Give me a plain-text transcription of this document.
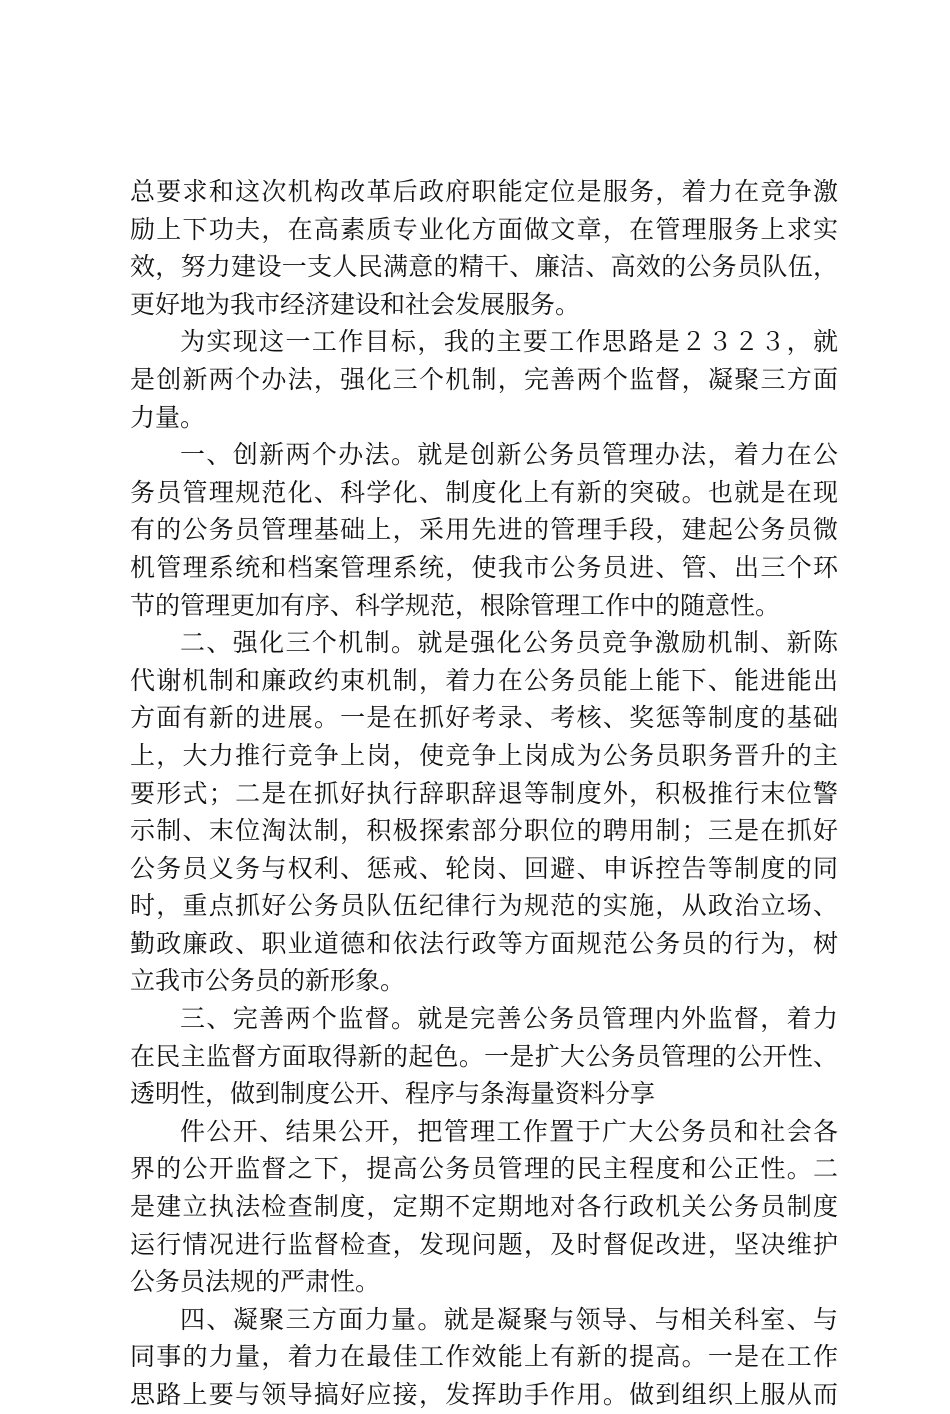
总要求和这次机构改革后政府职能定位是服务，着力在竞争激
励上下功夫，在高素质专业化方面做文章，在管理服务上求实
效，努力建设一支人民满意的精干、廉洁、高效的公务员队伍，
更好地为我市经济建设和社会发展服务。
为实现这一工作目标，我的主要工作思路是２３２３，就
是创新两个办法，强化三个机制，完善两个监督，凝聚三方面
力量。
一、创新两个办法。就是创新公务员管理办法，着力在公
务员管理规范化、科学化、制度化上有新的突破。也就是在现
有的公务员管理基础上，采用先进的管理手段，建起公务员微
机管理系统和档案管理系统，使我市公务员进、管、出三个环
节的管理更加有序、科学规范，根除管理工作中的随意性。
二、强化三个机制。就是强化公务员竞争激励机制、新陈
代谢机制和廉政约束机制，着力在公务员能上能下、能进能出
方面有新的进展。一是在抓好考录、考核、奖惩等制度的基础
上，大力推行竞争上岗，使竞争上岗成为公务员职务晋升的主
要形式；二是在抓好执行辞职辞退等制度外，积极推行末位警
示制、末位淘汰制，积极探索部分职位的聘用制；三是在抓好
公务员义务与权利、惩戒、轮岗、回避、申诉控告等制度的同
时，重点抓好公务员队伍纪律行为规范的实施，从政治立场、
勤政廉政、职业道德和依法行政等方面规范公务员的行为，树
立我市公务员的新形象。
三、完善两个监督。就是完善公务员管理内外监督，着力
在民主监督方面取得新的起色。一是扩大公务员管理的公开性、
透明性，做到制度公开、程序与条海量资料分享
件公开、结果公开，把管理工作置于广大公务员和社会各
界的公开监督之下，提高公务员管理的民主程度和公正性。二
是建立执法检查制度，定期不定期地对各行政机关公务员制度
运行情况进行监督检查，发现问题，及时督促改进，坚决维护
公务员法规的严肃性。
四、凝聚三方面力量。就是凝聚与领导、与相关科室、与
同事的力量，着力在最佳工作效能上有新的提高。一是在工作
思路上要与领导搞好应接，发挥助手作用。做到组织上服从而
